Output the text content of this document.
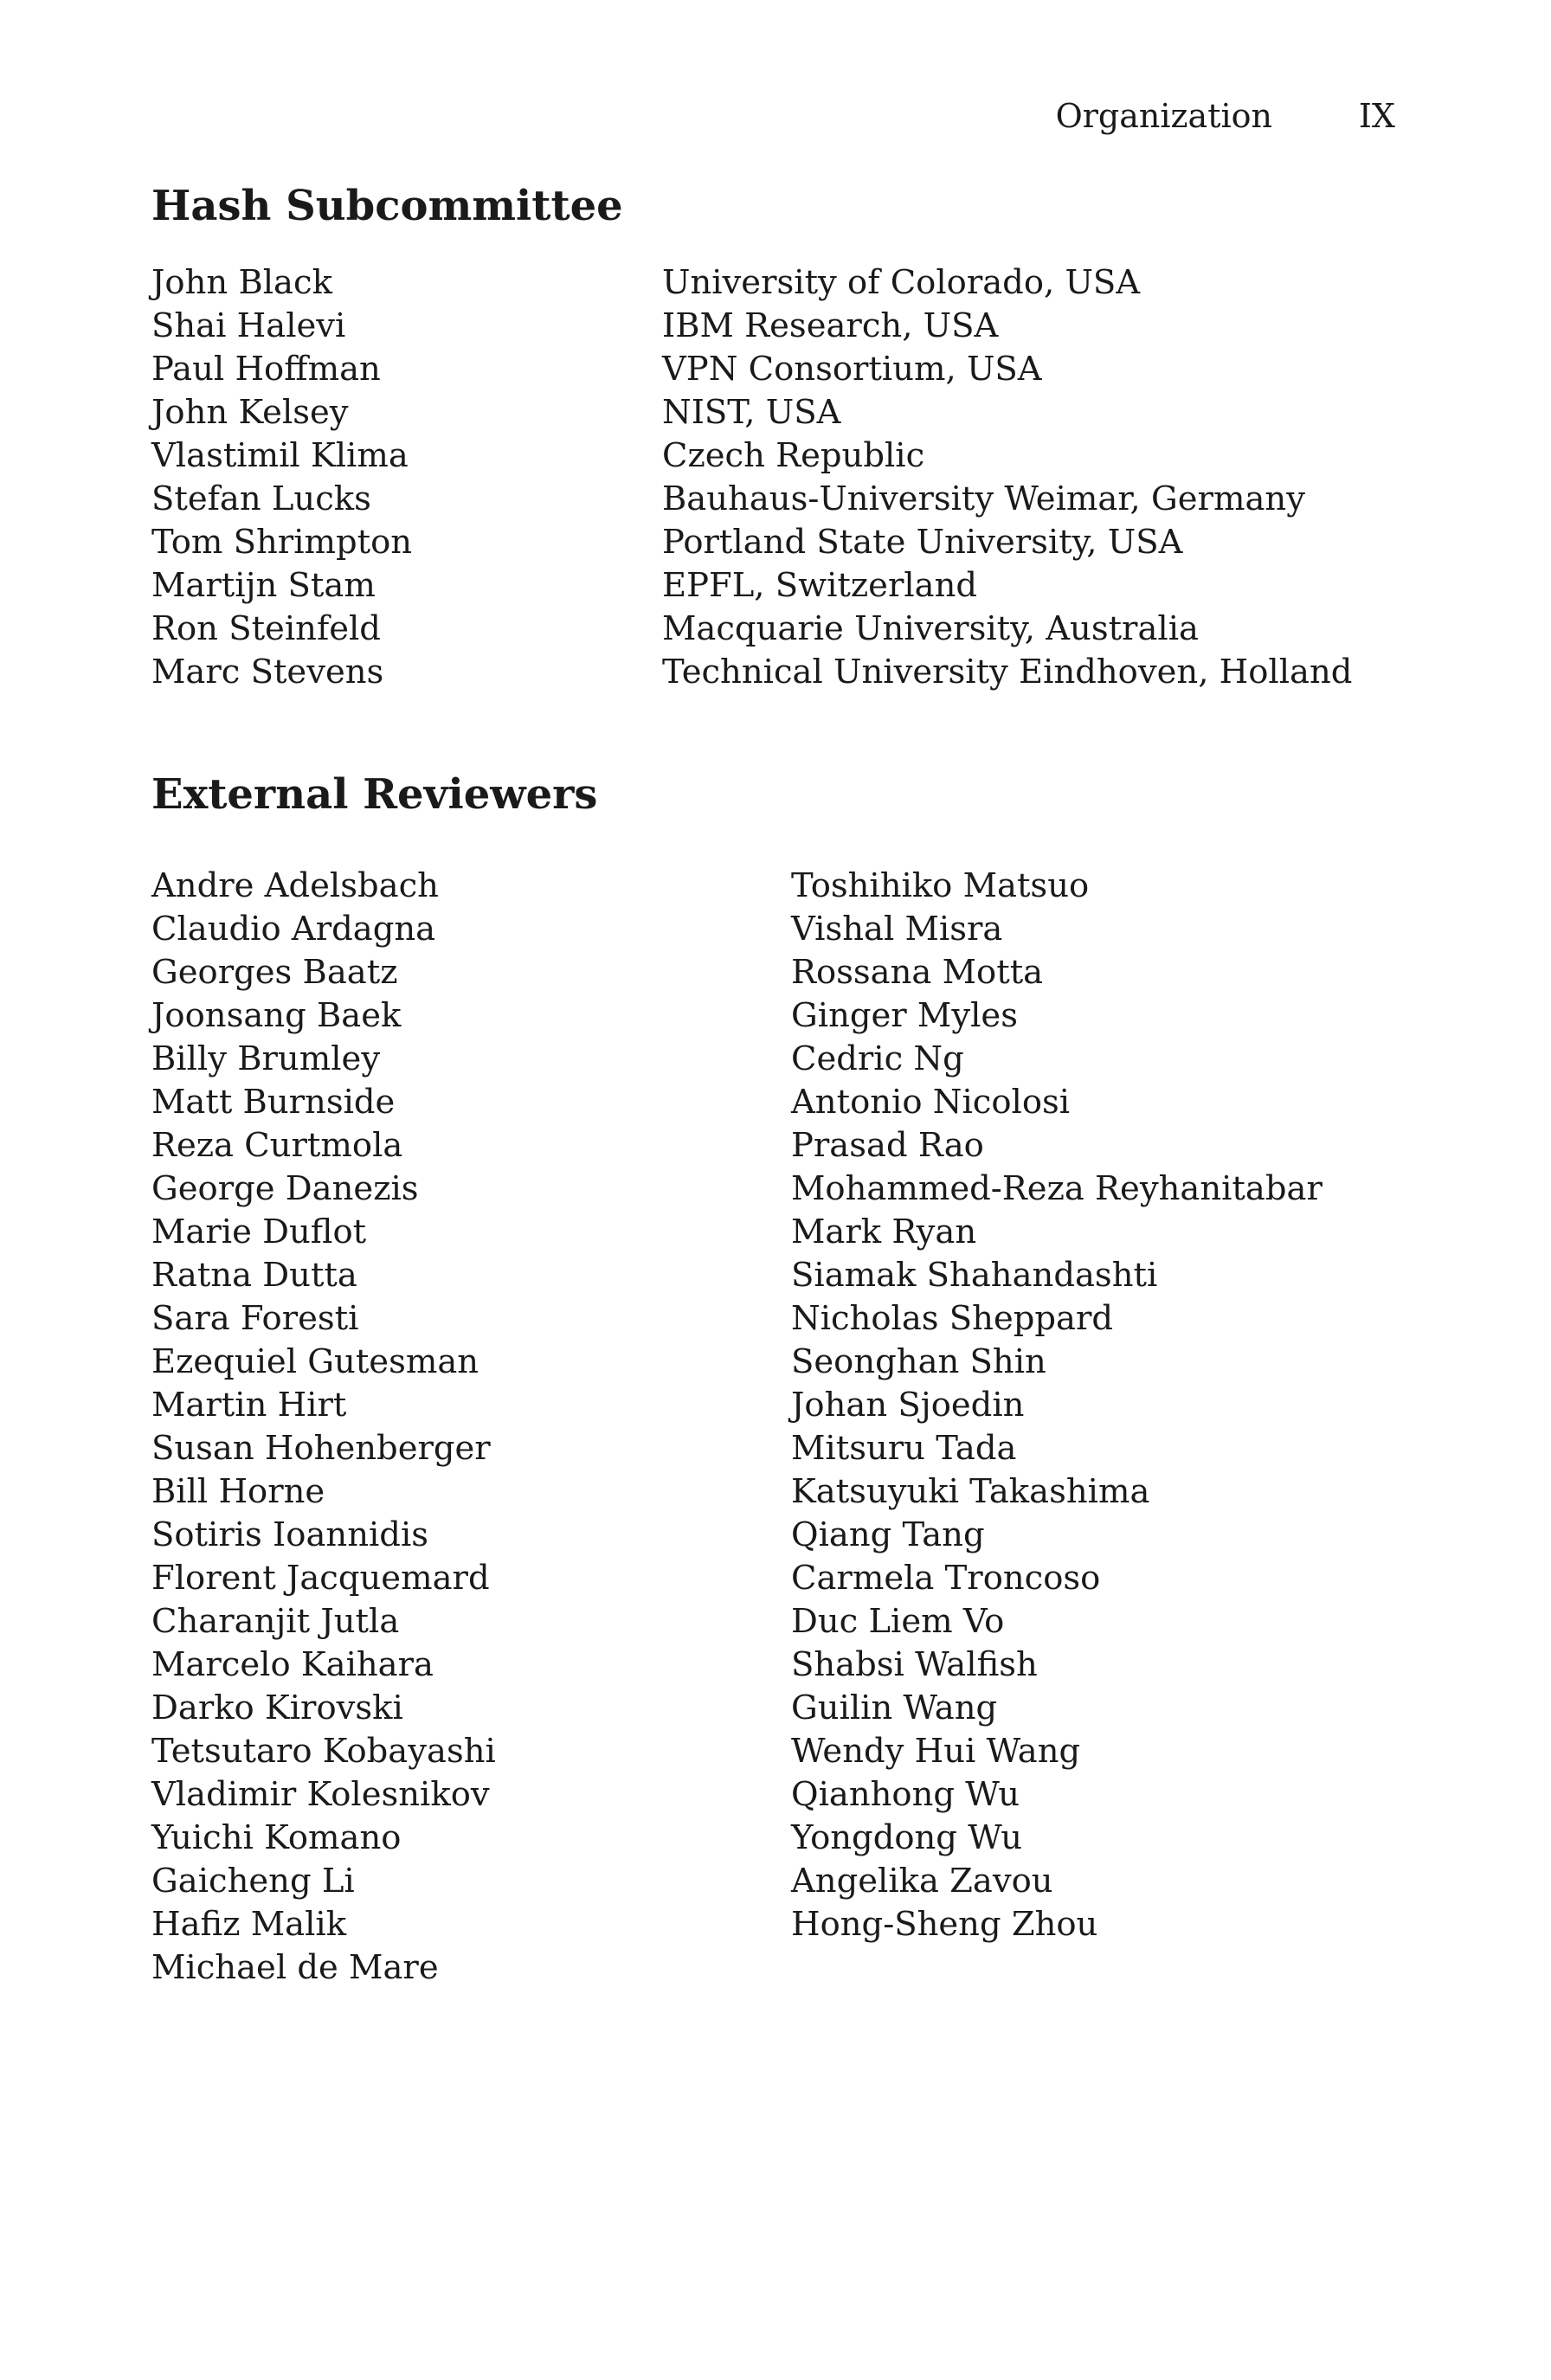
Organization	IX
Hash Subcommittee
John Black
Shai Halevi
Paul Hoffman
John Kelsey
Vlastimil Klima
Stefan Lucks
Tom Shrimpton
Martijn Stam
Ron Steinfeld
Marc Stevens
University of Colorado, USA
IBM Research, USA
VPN Consortium, USA
NIST, USA
Czech Republic
Bauhaus-University Weimar, Germany
Portland State University, USA
EPFL, Switzerland
Macquarie University, Australia
Technical University Eindhoven, Holland
External Reviewers
Andre Adelsbach
Claudio Ardagna
Georges Baatz
Joonsang Baek
Billy Brumley
Matt Burnside
Reza Curtmola
George Danezis
Marie Duflot
Ratna Dutta
Sara Foresti
Ezequiel Gutesman
Martin Hirt
Susan Hohenberger
Bill Horne
Sotiris Ioannidis
Florent Jacquemard
Charanjit Jutla
Marcelo Kaihara
Darko Kirovski
Tetsutaro Kobayashi
Vladimir Kolesnikov
Yuichi Komano
Gaicheng Li
Hafiz Malik
Michael de Mare
Toshihiko Matsuo
Vishal Misra
Rossana Motta
Ginger Myles
Cedric Ng
Antonio Nicolosi
Prasad Rao
Mohammed-Reza Reyhanitabar
Mark Ryan
Siamak Shahandashti
Nicholas Sheppard
Seonghan Shin
Johan Sjoedin
Mitsuru Tada
Katsuyuki Takashima
Qiang Tang
Carmela Troncoso
Duc Liem Vo
Shabsi Walfish
Guilin Wang
Wendy Hui Wang
Qianhong Wu
Yongdong Wu
Angelika Zavou
Hong-Sheng Zhou
